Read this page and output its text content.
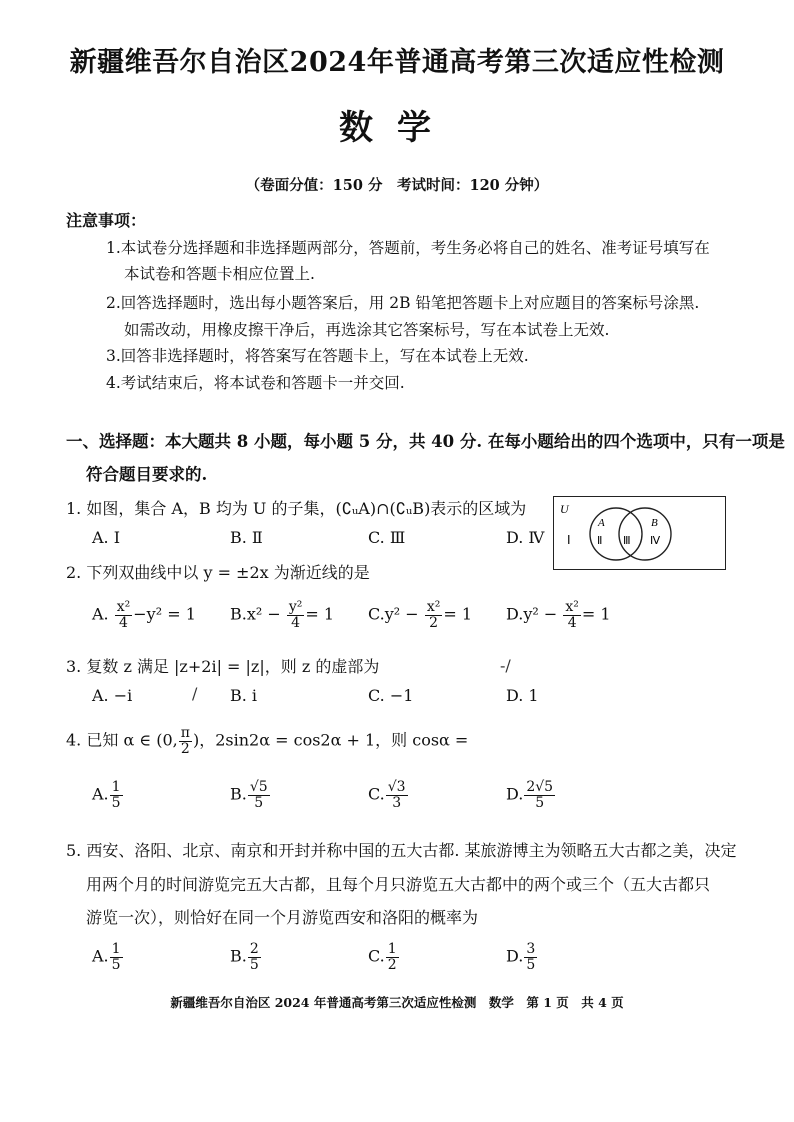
新疆维吾尔自治区2024年普通高考第三次适应性检测
数学
（卷面分值：150 分　考试时间：120 分钟）
注意事项：
1.本试卷分选择题和非选择题两部分，答题前，考生务必将自己的姓名、准考证号填写在
本试卷和答题卡相应位置上.
2.回答选择题时，选出每小题答案后，用 2B 铅笔把答题卡上对应题目的答案标号涂黑.
如需改动，用橡皮擦干净后，再选涂其它答案标号，写在本试卷上无效.
3.回答非选择题时，将答案写在答题卡上，写在本试卷上无效.
4.考试结束后，将本试卷和答题卡一并交回.
一、选择题：本大题共 8 小题，每小题 5 分，共 40 分. 在每小题给出的四个选项中，只有一项是
符合题目要求的.
1. 如图，集合 A，B 均为 U 的子集，(∁ᵤA)∩(∁ᵤB)表示的区域为
A. Ⅰ	B. Ⅱ	C. Ⅲ	D. Ⅳ
U
A	B
Ⅰ Ⅱ Ⅲ Ⅳ
2. 下列双曲线中以 y = ±2x 为渐近线的是
A. $\frac{\text{x²}}{4} -y^2 = 1$ $B.x^2 - \frac{\text{y²}}{4} = 1$ $C.y^2 - \frac{\text{x²}}{2} = 1$ $D.y^2 - \frac{\text{x²}}{4} = 1$
3. 复数 z 满足 |z+2i| = |z|，则 z 的虚部为	-/
A. −i	/ B. i	C. −1	D. 1
4. 已知 α ∈ (0, $\frac{\pi}{2}$ )，2sin2α = cos2α + 1，则 cosα =
A. $\frac{1}{5}$	B. $\frac{√5}{5}$	C. $\frac{√3}{3}$	D. $\frac{2√5}{5}$
5. 西安、洛阳、北京、南京和开封并称中国的五大古都. 某旅游博主为领略五大古都之美，决定
用两个月的时间游览完五大古都，且每个月只游览五大古都中的两个或三个（五大古都只
游览一次），则恰好在同一个月游览西安和洛阳的概率为
A. $\frac{1}{5}$	B. $\frac{2}{5}$	C. $\frac{1}{2}$	D. $\frac{3}{5}$
新疆维吾尔自治区 2024 年普通高考第三次适应性检测　数学　第 1 页　共 4 页
